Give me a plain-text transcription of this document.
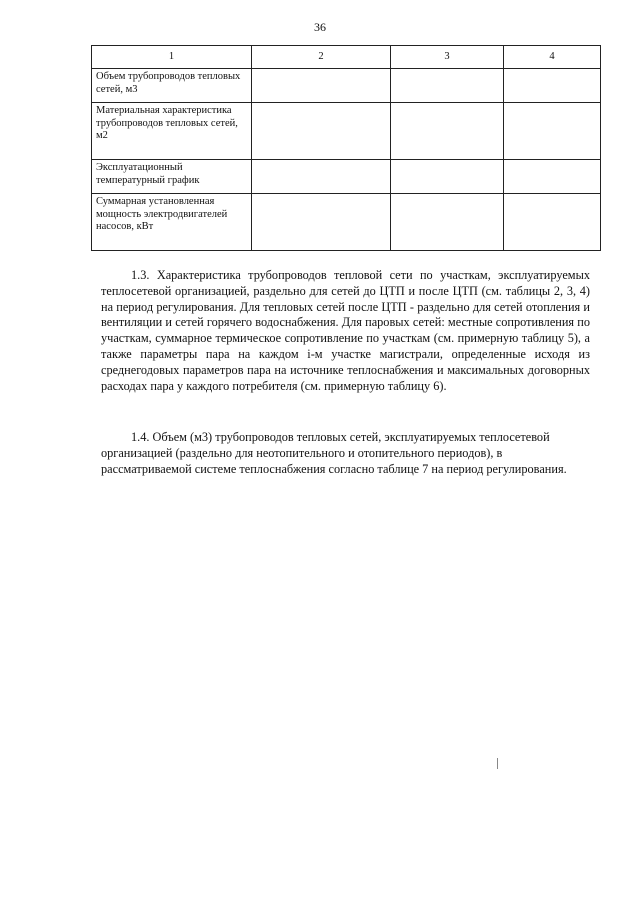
36
1	2	3	4
Объем трубопроводов тепловых сетей, м3			
Материальная характеристика трубопроводов тепловых сетей, м2			
Эксплуатационный температурный график			
Суммарная установленная мощность электродвигателей насосов, кВт			

1.3. Характеристика трубопроводов тепловой сети по участкам, эксплуатируемых теплосетевой организацией, раздельно для сетей до ЦТП и после ЦТП (см. таблицы 2, 3, 4) на период регулирования. Для тепловых сетей после ЦТП - раздельно для сетей отопления и вентиляции и сетей горячего водоснабжения. Для паровых сетей: местные сопротивления по участкам, суммарное термическое сопротивление по участкам (см. примерную таблицу 5), а также параметры пара на каждом i-м участке магистрали, определенные исходя из среднегодовых параметров пара на источнике теплоснабжения и максимальных договорных расходах пара у каждого потребителя (см. примерную таблицу 6).

1.4. Объем (м3) трубопроводов тепловых сетей, эксплуатируемых теплосетевой организацией (раздельно для неотопительного и отопительного периодов), в рассматриваемой системе теплоснабжения согласно таблице 7 на период регулирования.
